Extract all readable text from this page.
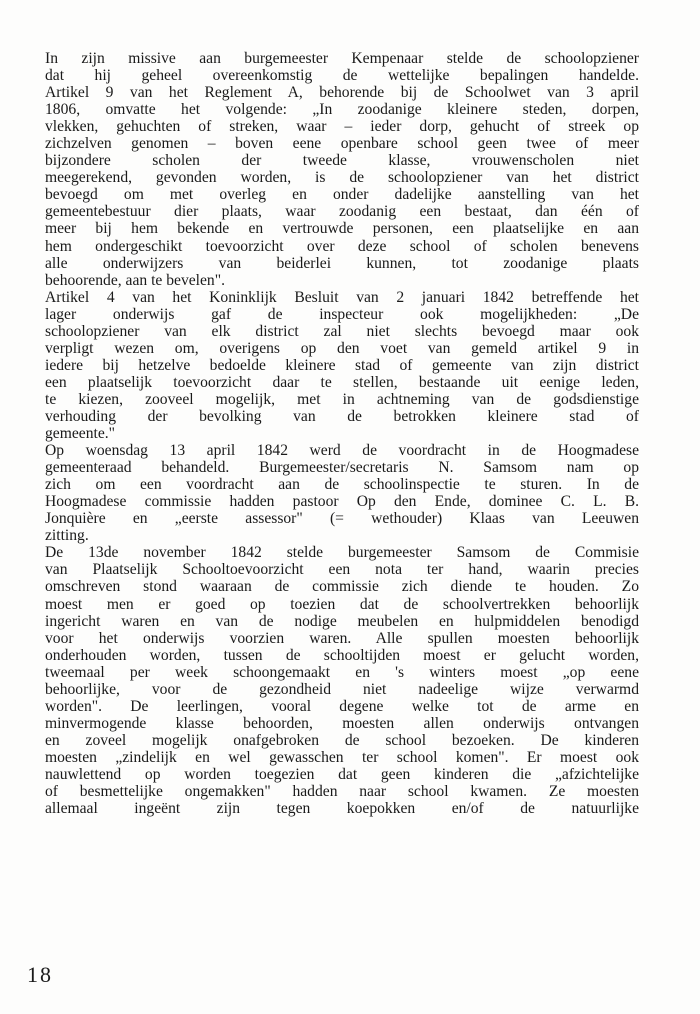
In zijn missive aan burgemeester Kempenaar stelde de schoolopziener
dat hij geheel overeenkomstig de wettelijke bepalingen handelde.
Artikel 9 van het Reglement A, behorende bij de Schoolwet van 3 april
1806, omvatte het volgende: „In zoodanige kleinere steden, dorpen,
vlekken, gehuchten of streken, waar – ieder dorp, gehucht of streek op
zichzelven genomen – boven eene openbare school geen twee of meer
bijzondere scholen der tweede klasse, vrouwenscholen niet
meegerekend, gevonden worden, is de schoolopziener van het district
bevoegd om met overleg en onder dadelijke aanstelling van het
gemeentebestuur dier plaats, waar zoodanig een bestaat, dan één of
meer bij hem bekende en vertrouwde personen, een plaatselijke en aan
hem ondergeschikt toevoorzicht over deze school of scholen benevens
alle onderwijzers van beiderlei kunnen, tot zoodanige plaats
behoorende, aan te bevelen".
Artikel 4 van het Koninklijk Besluit van 2 januari 1842 betreffende het
lager onderwijs gaf de inspecteur ook mogelijkheden: „De
schoolopziener van elk district zal niet slechts bevoegd maar ook
verpligt wezen om, overigens op den voet van gemeld artikel 9 in
iedere bij hetzelve bedoelde kleinere stad of gemeente van zijn district
een plaatselijk toevoorzicht daar te stellen, bestaande uit eenige leden,
te kiezen, zooveel mogelijk, met in achtneming van de godsdienstige
verhouding der bevolking van de betrokken kleinere stad of
gemeente."
Op woensdag 13 april 1842 werd de voordracht in de Hoogmadese
gemeenteraad behandeld. Burgemeester/secretaris N. Samsom nam op
zich om een voordracht aan de schoolinspectie te sturen. In de
Hoogmadese commissie hadden pastoor Op den Ende, dominee C. L. B.
Jonquière en „eerste assessor" (= wethouder) Klaas van Leeuwen
zitting.
De 13de november 1842 stelde burgemeester Samsom de Commisie
van Plaatselijk Schooltoevoorzicht een nota ter hand, waarin precies
omschreven stond waaraan de commissie zich diende te houden. Zo
moest men er goed op toezien dat de schoolvertrekken behoorlijk
ingericht waren en van de nodige meubelen en hulpmiddelen benodigd
voor het onderwijs voorzien waren. Alle spullen moesten behoorlijk
onderhouden worden, tussen de schooltijden moest er gelucht worden,
tweemaal per week schoongemaakt en 's winters moest „op eene
behoorlijke, voor de gezondheid niet nadeelige wijze verwarmd
worden". De leerlingen, vooral degene welke tot de arme en
minvermogende klasse behoorden, moesten allen onderwijs ontvangen
en zoveel mogelijk onafgebroken de school bezoeken. De kinderen
moesten „zindelijk en wel gewasschen ter school komen". Er moest ook
nauwlettend op worden toegezien dat geen kinderen die „afzichtelijke
of besmettelijke ongemakken" hadden naar school kwamen. Ze moesten
allemaal ingeënt zijn tegen koepokken en/of de natuurlijke
18
